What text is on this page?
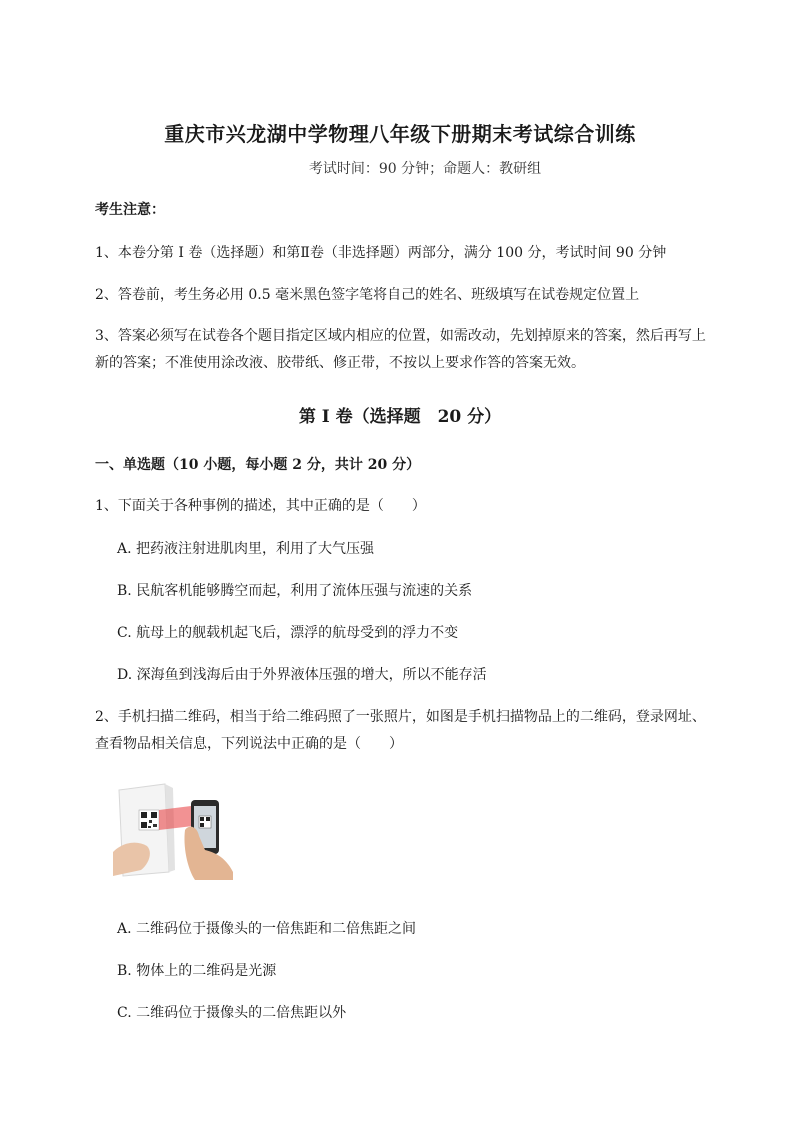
重庆市兴龙湖中学物理八年级下册期末考试综合训练
考试时间：90 分钟；命题人：教研组
考生注意：
1、本卷分第 I 卷（选择题）和第Ⅱ卷（非选择题）两部分，满分 100 分，考试时间 90 分钟
2、答卷前，考生务必用 0.5 毫米黑色签字笔将自己的姓名、班级填写在试卷规定位置上
3、答案必须写在试卷各个题目指定区域内相应的位置，如需改动，先划掉原来的答案，然后再写上新的答案；不准使用涂改液、胶带纸、修正带，不按以上要求作答的答案无效。
第 I 卷（选择题　20 分）
一、单选题（10 小题，每小题 2 分，共计 20 分）
1、下面关于各种事例的描述，其中正确的是（　　）
A. 把药液注射进肌肉里，利用了大气压强
B. 民航客机能够腾空而起，利用了流体压强与流速的关系
C. 航母上的舰载机起飞后，漂浮的航母受到的浮力不变
D. 深海鱼到浅海后由于外界液体压强的增大，所以不能存活
2、手机扫描二维码，相当于给二维码照了一张照片，如图是手机扫描物品上的二维码，登录网址、查看物品相关信息，下列说法中正确的是（　　）
A. 二维码位于摄像头的一倍焦距和二倍焦距之间
B. 物体上的二维码是光源
C. 二维码位于摄像头的二倍焦距以外
